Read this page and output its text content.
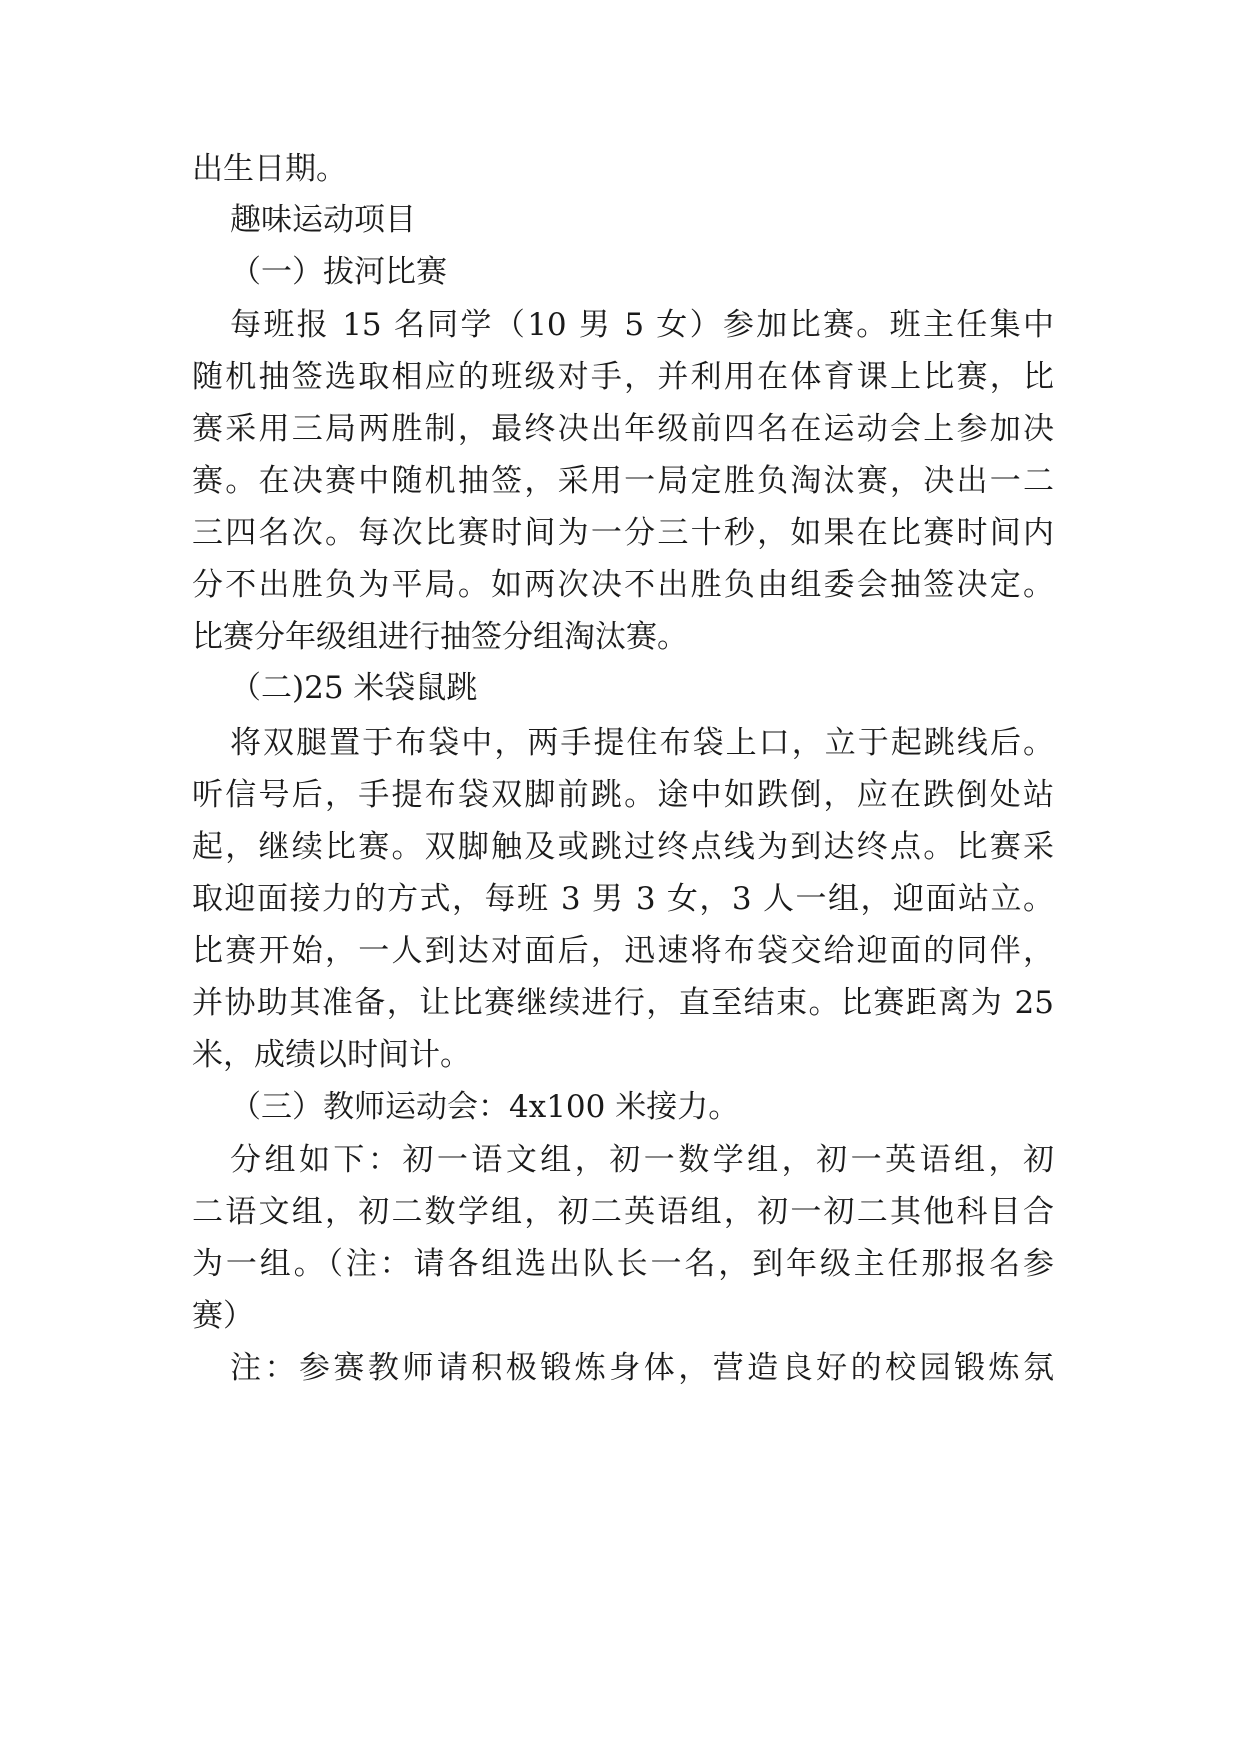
出生日期。

趣味运动项目

（一）拔河比赛

每班报 15 名同学（10 男 5 女）参加比赛。班主任集中

随机抽签选取相应的班级对手，并利用在体育课上比赛，比

赛采用三局两胜制，最终决出年级前四名在运动会上参加决

赛。在决赛中随机抽签，采用一局定胜负淘汰赛，决出一二

三四名次。每次比赛时间为一分三十秒，如果在比赛时间内

分不出胜负为平局。如两次决不出胜负由组委会抽签决定。

比赛分年级组进行抽签分组淘汰赛。

（二)25 米袋鼠跳

将双腿置于布袋中，两手提住布袋上口，立于起跳线后。

听信号后，手提布袋双脚前跳。途中如跌倒，应在跌倒处站

起，继续比赛。双脚触及或跳过终点线为到达终点。比赛采

取迎面接力的方式，每班 3 男 3 女，3 人一组，迎面站立。

比赛开始，一人到达对面后，迅速将布袋交给迎面的同伴，

并协助其准备，让比赛继续进行，直至结束。比赛距离为 25

米，成绩以时间计。

（三）教师运动会：4x100 米接力。

分组如下：初一语文组，初一数学组，初一英语组，初

二语文组，初二数学组，初二英语组，初一初二其他科目合

为一组。（注：请各组选出队长一名，到年级主任那报名参

赛）

注：参赛教师请积极锻炼身体，营造良好的校园锻炼氛
